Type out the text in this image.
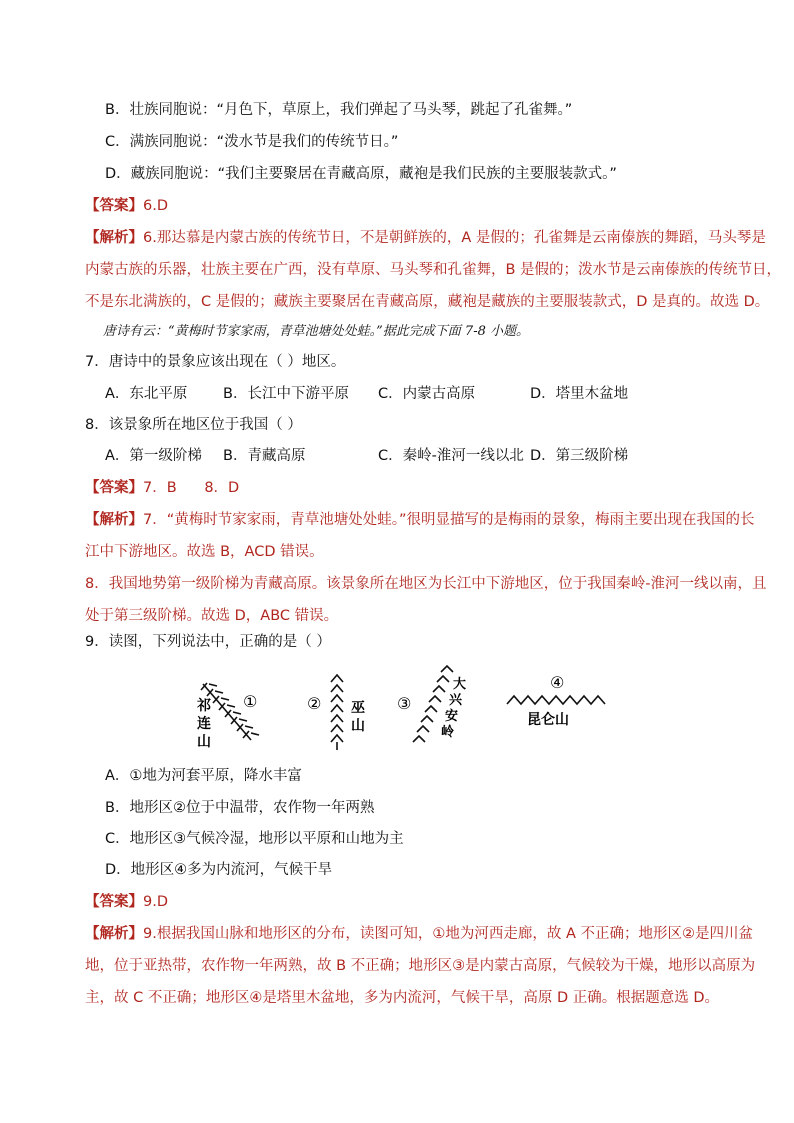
B．壮族同胞说：“月色下，草原上，我们弹起了马头琴，跳起了孔雀舞。”
C．满族同胞说：“泼水节是我们的传统节日。”
D．藏族同胞说：“我们主要聚居在青藏高原，藏袍是我们民族的主要服装款式。”
【答案】6.D
【解析】6.那达慕是内蒙古族的传统节日，不是朝鲜族的，A 是假的；孔雀舞是云南傣族的舞蹈，马头琴是
内蒙古族的乐器，壮族主要在广西，没有草原、马头琴和孔雀舞，B 是假的；泼水节是云南傣族的传统节日，
不是东北满族的，C 是假的；藏族主要聚居在青藏高原，藏袍是藏族的主要服装款式，D 是真的。故选 D。
唐诗有云：“黄梅时节家家雨，青草池塘处处蛙。”据此完成下面 7-8 小题。
7．唐诗中的景象应该出现在（ ）地区。
A．东北平原 B．长江中下游平原 C．内蒙古高原	D．塔里木盆地
8．该景象所在地区位于我国（ ）
A．第一级阶梯 B．青藏高原	C．秦岭-淮河一线以北 D．第三级阶梯
【答案】7．B      8．D
【解析】7．“黄梅时节家家雨，青草池塘处处蛙。”很明显描写的是梅雨的景象，梅雨主要出现在我国的长
江中下游地区。故选 B，ACD 错误。
8．我国地势第一级阶梯为青藏高原。该景象所在地区为长江中下游地区，位于我国秦岭-淮河一线以南，且
处于第三级阶梯。故选 D，ABC 错误。
9．读图，下列说法中，正确的是（ ）
祁
连
山
①	② 巫
山
③
大
兴
安
岭
④
昆仑山
A．①地为河套平原，降水丰富
B．地形区②位于中温带，农作物一年两熟
C．地形区③气候冷湿，地形以平原和山地为主
D．地形区④多为内流河，气候干旱
【答案】9.D
【解析】9.根据我国山脉和地形区的分布，读图可知，①地为河西走廊，故 A 不正确；地形区②是四川盆
地，位于亚热带，农作物一年两熟，故 B 不正确；地形区③是内蒙古高原，气候较为干燥，地形以高原为
主，故 C 不正确；地形区④是塔里木盆地，多为内流河，气候干旱，高原 D 正确。根据题意选 D。
